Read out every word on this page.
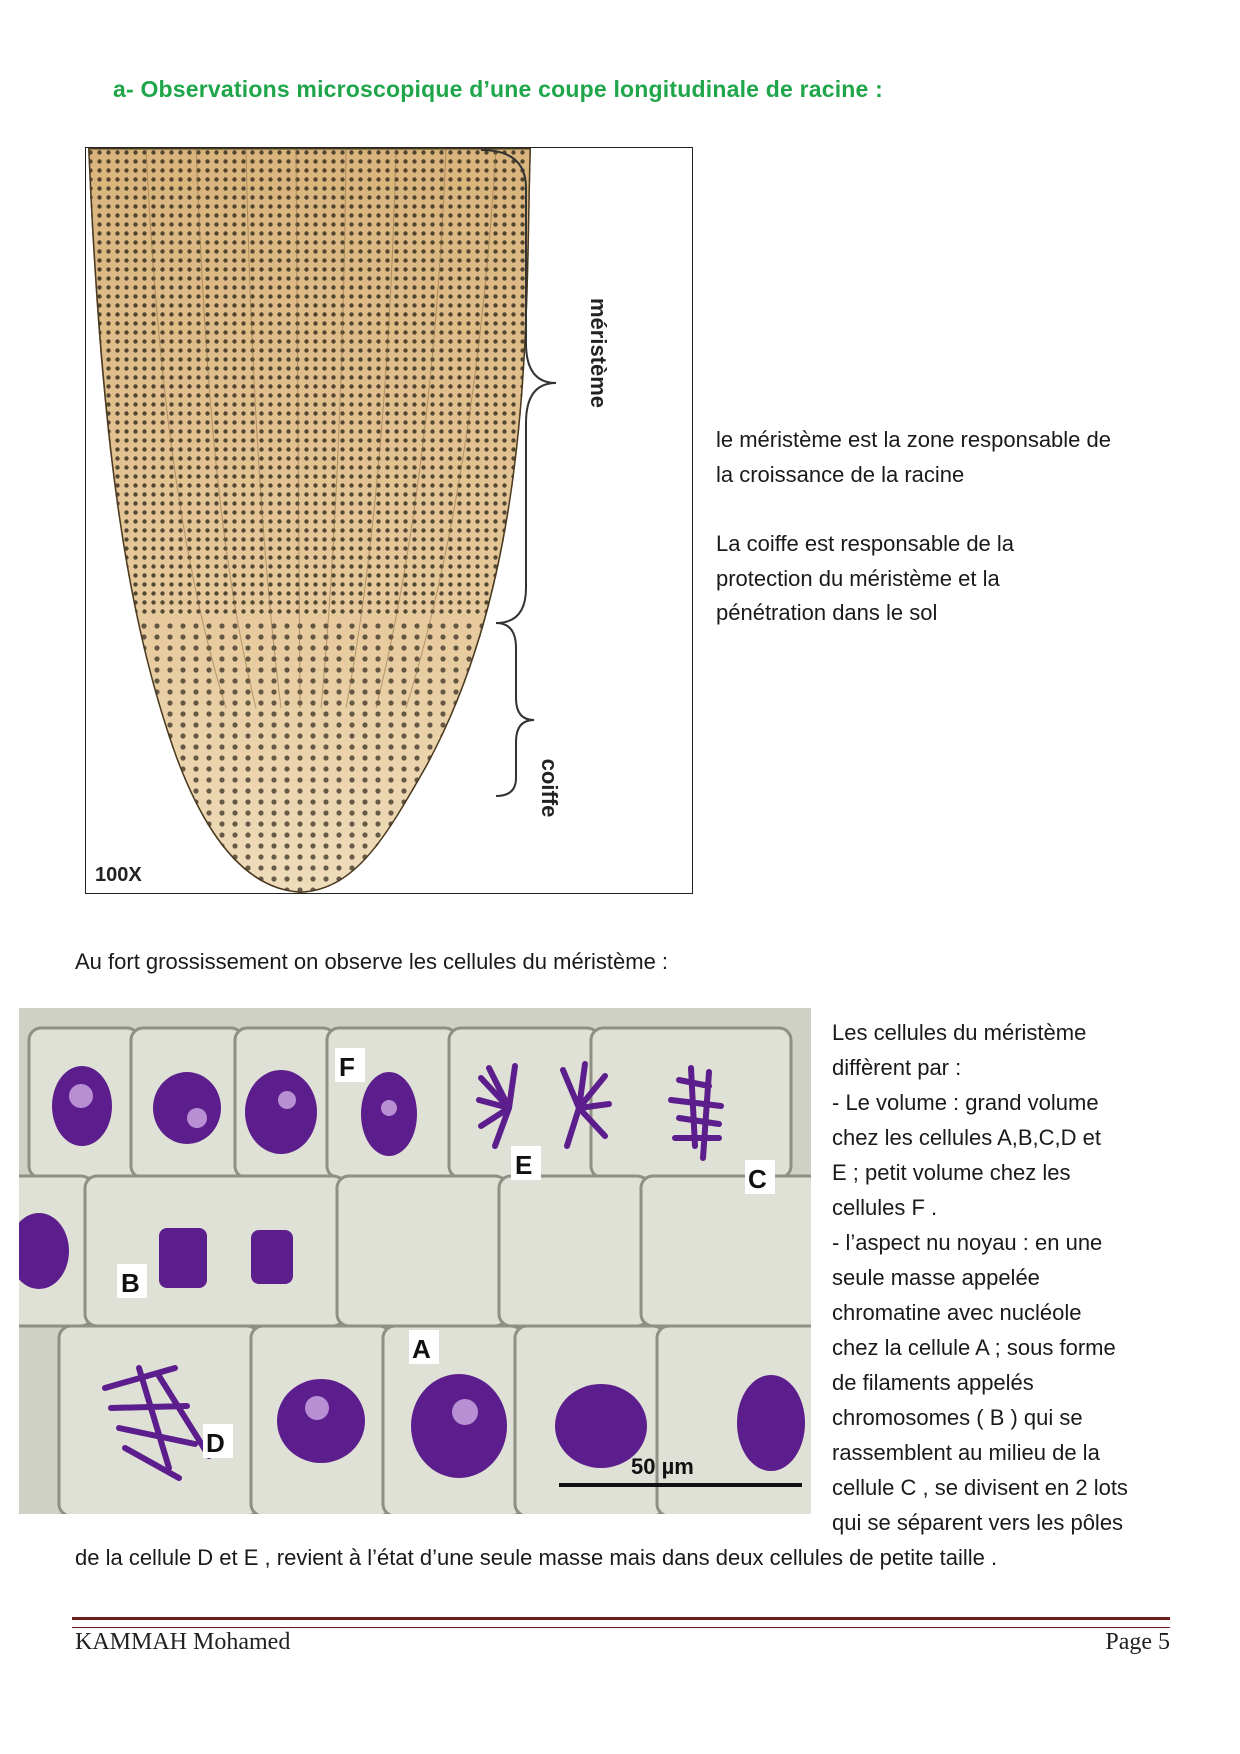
a- Observations microscopique d’une coupe longitudinale de racine :
méristème
coiffe
100X

le méristème est la zone responsable de

la croissance de la racine

La coiffe est responsable de la

protection du méristème et la

pénétration dans le sol

Au fort grossissement on observe les cellules du méristème :

F
E	C
B
A
D
50 µm

Les cellules du méristème

diffèrent par :

- Le volume : grand volume

chez les cellules A,B,C,D et

E ; petit volume chez les

cellules F .

- l’aspect nu noyau : en une

seule masse appelée

chromatine avec nucléole

chez la cellule A ; sous forme

de filaments appelés

chromosomes ( B ) qui se

rassemblent au milieu de la

cellule C , se divisent en 2 lots

qui se séparent vers les pôles

de la cellule D et E , revient à l’état d’une seule masse mais dans deux cellules de petite taille .

KAMMAH Mohamed	Page 5
